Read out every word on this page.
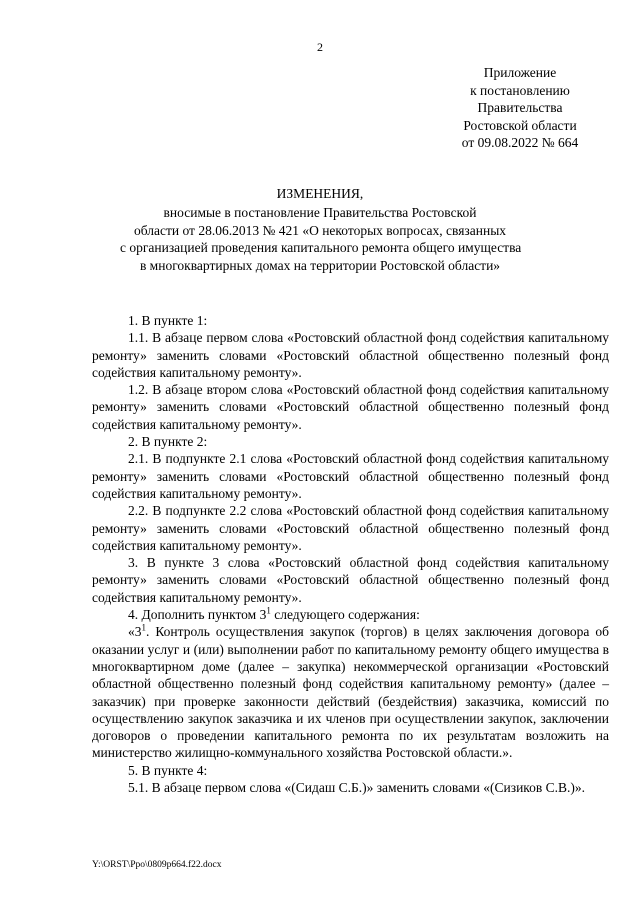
2
Приложение
к постановлению
Правительства
Ростовской области
от 09.08.2022 № 664
ИЗМЕНЕНИЯ,
вносимые в постановление Правительства Ростовской
области от 28.06.2013 № 421 «О некоторых вопросах, связанных
с организацией проведения капитального ремонта общего имущества
в многоквартирных домах на территории Ростовской области»

1. В пункте 1:

1.1. В абзаце первом слова «Ростовский областной фонд содействия капитальному ремонту» заменить словами «Ростовский областной общественно полезный фонд содействия капитальному ремонту».

1.2. В абзаце втором слова «Ростовский областной фонд содействия капитальному ремонту» заменить словами «Ростовский областной общественно полезный фонд содействия капитальному ремонту».

2. В пункте 2:

2.1. В подпункте 2.1 слова «Ростовский областной фонд содействия капитальному ремонту» заменить словами «Ростовский областной общественно полезный фонд содействия капитальному ремонту».

2.2. В подпункте 2.2 слова «Ростовский областной фонд содействия капитальному ремонту» заменить словами «Ростовский областной общественно полезный фонд содействия капитальному ремонту».

3. В пункте 3 слова «Ростовский областной фонд содействия капитальному ремонту» заменить словами «Ростовский областной общественно полезный фонд содействия капитальному ремонту».

4. Дополнить пунктом $3^1$ следующего содержания:

«$3^1$. Контроль осуществления закупок (торгов) в целях заключения договора об оказании услуг и (или) выполнении работ по капитальному ремонту общего имущества в многоквартирном доме (далее – закупка) некоммерческой организации «Ростовский областной общественно полезный фонд содействия капитальному ремонту» (далее – заказчик) при проверке законности действий (бездействия) заказчика, комиссий по осуществлению закупок заказчика и их членов при осуществлении закупок, заключении договоров о проведении капитального ремонта по их результатам возложить на министерство жилищно-коммунального хозяйства Ростовской области.».

5. В пункте 4:

5.1. В абзаце первом слова «(Сидаш С.Б.)» заменить словами «(Сизиков С.В.)».

Y:\ORST\Ppo\0809p664.f22.docx
